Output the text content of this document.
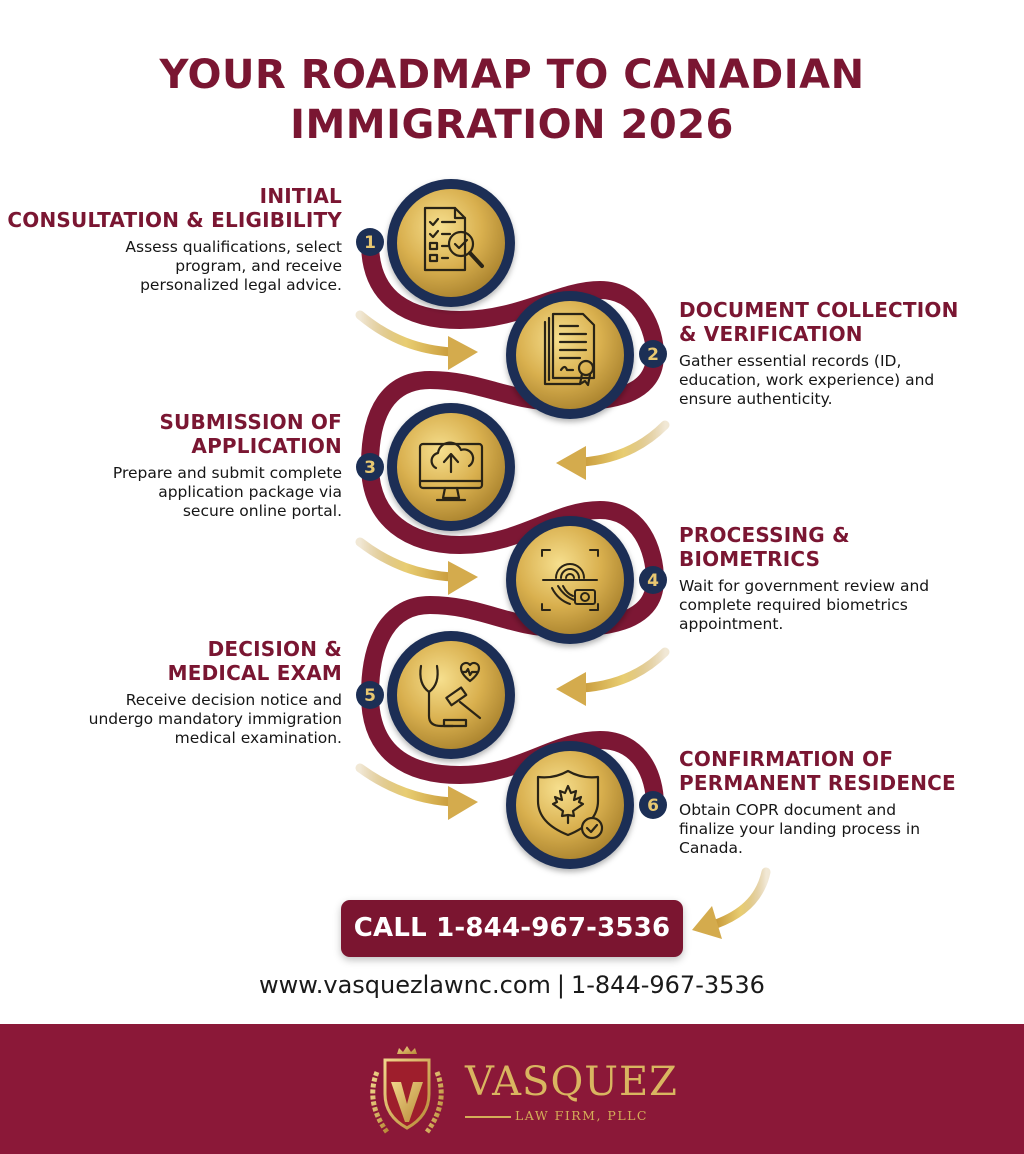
YOUR ROADMAP TO CANADIAN
IMMIGRATION 2026
1
2
3
4
5
6
INITIAL
CONSULTATION & ELIGIBILITY
Assess qualifications, select
program, and receive
personalized legal advice.
DOCUMENT COLLECTION
& VERIFICATION
Gather essential records (ID,
education, work experience) and
ensure authenticity.
SUBMISSION OF
APPLICATION
Prepare and submit complete
application package via
secure online portal.
PROCESSING &
BIOMETRICS
Wait for government review and
complete required biometrics
appointment.
DECISION &
MEDICAL EXAM
Receive decision notice and
undergo mandatory immigration
medical examination.
CONFIRMATION OF
PERMANENT RESIDENCE
Obtain COPR document and
finalize your landing process in
Canada.
CALL 1-844-967-3536
www.vasquezlawnc.com | 1-844-967-3536
VASQUEZ
LAW FIRM, PLLC
